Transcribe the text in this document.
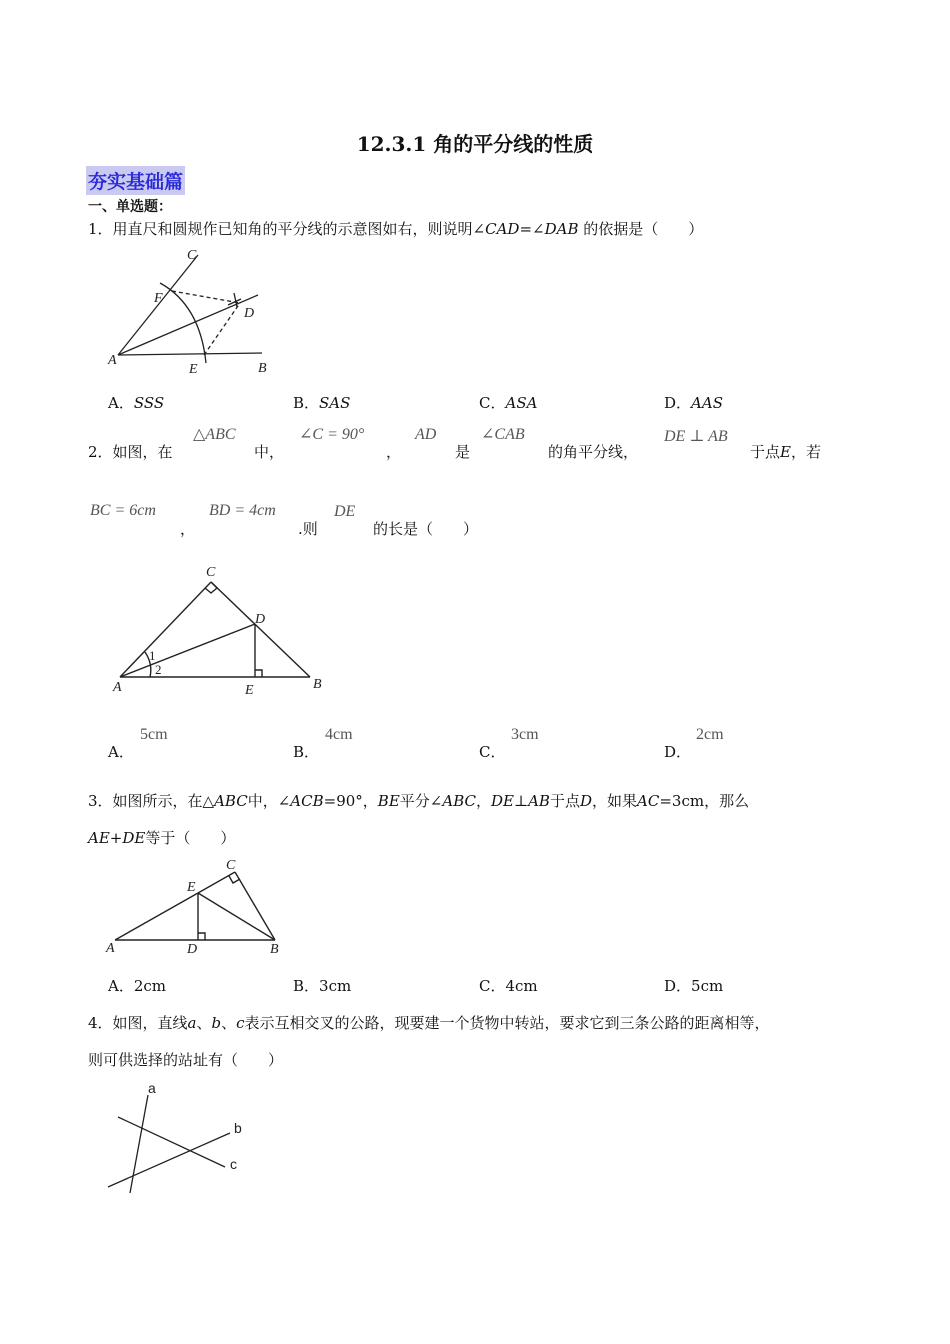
12.3.1 角的平分线的性质
夯实基础篇
一、单选题：
1．用直尺和圆规作已知角的平分线的示意图如右，则说明∠CAD=∠DAB 的依据是（　　）
C
F
D
A
E	B
A．SSS	B．SAS	C．ASA	D．AAS
2．如图，在
△ABC
中，
∠C = 90°
，
AD
是
∠CAB
的角平分线，
DE ⊥ AB
于点E，若
BC = 6cm
，
BD = 4cm
.则
DE
的长是（　　）
C
D
A	E	B
1
2
A．
5cm
B．
4cm
C．
3cm
D．
2cm
3．如图所示，在△ABC中，∠ACB=90°，BE平分∠ABC，DE⊥AB于点D，如果AC=3cm，那么
AE+DE等于（　　）
C
E
A	D	B
A．2cm	B．3cm	C．4cm	D．5cm
4．如图，直线a、b、c表示互相交叉的公路，现要建一个货物中转站，要求它到三条公路的距离相等，
则可供选择的站址有（　　）
a
b
c
